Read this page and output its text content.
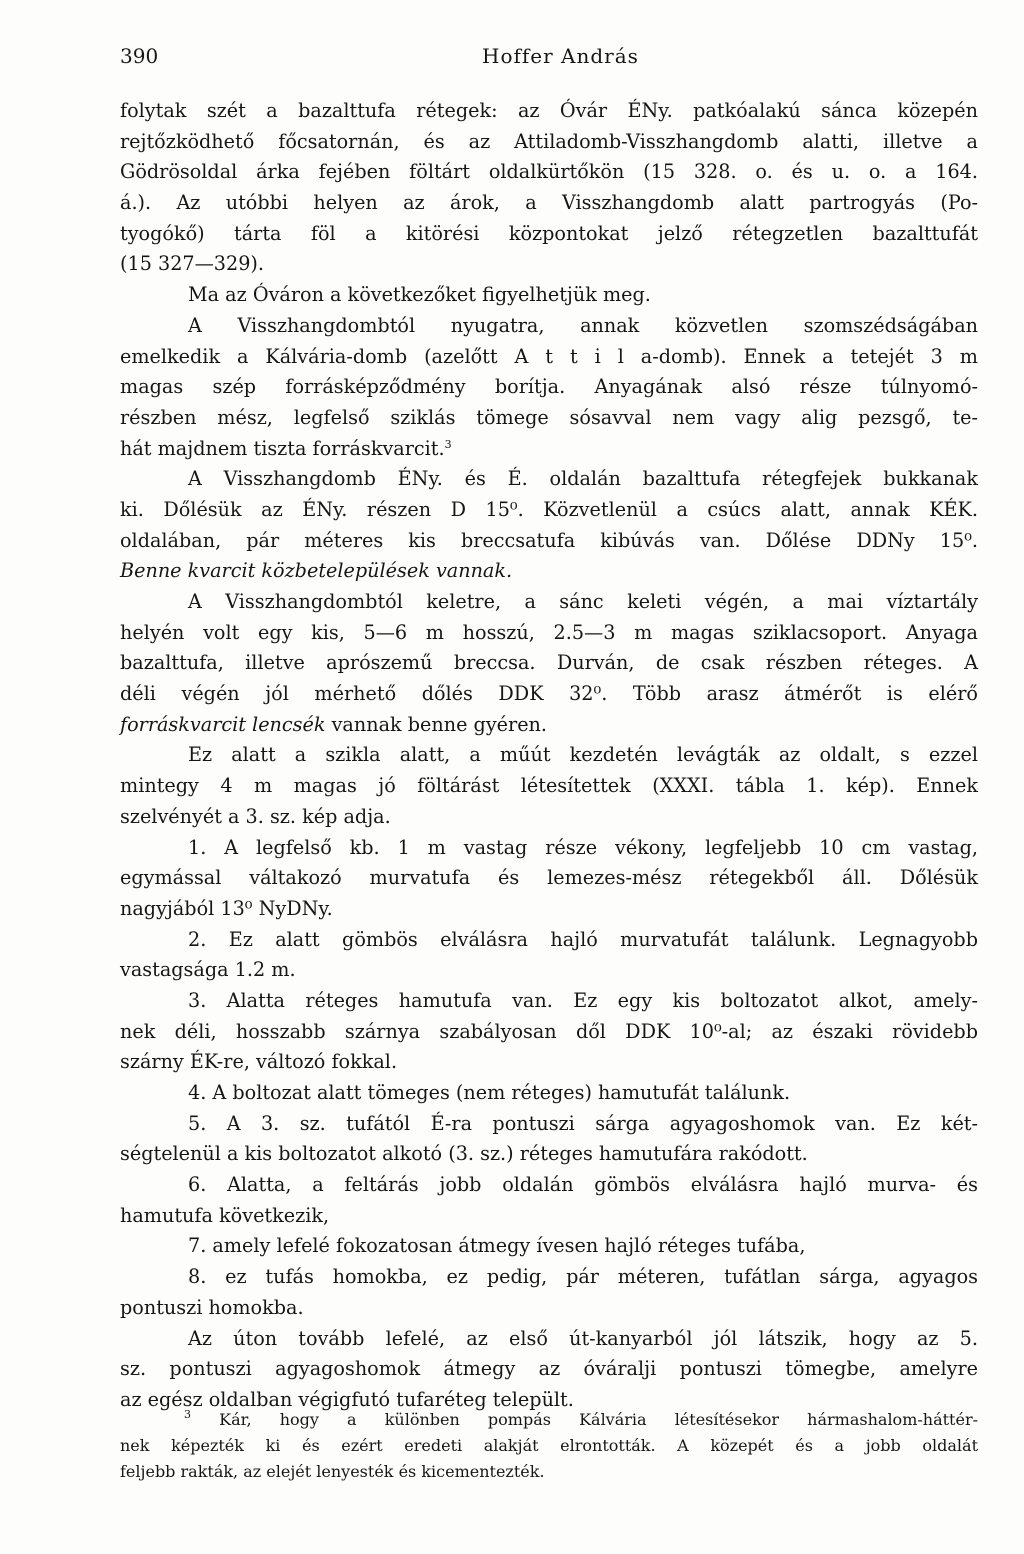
390	Hoffer András
folytak szét a bazalttufa rétegek: az Óvár ÉNy. patkóalakú sánca közepén
rejtőzködhető főcsatornán, és az Attiladomb-Visszhangdomb alatti, illetve a
Gödrösoldal árka fejében föltárt oldalkürtőkön (15 328. o. és u. o. a 164.
á.). Az utóbbi helyen az árok, a Visszhangdomb alatt partrogyás (Po-
tyogókő) tárta föl a kitörési központokat jelző rétegzetlen bazalttufát
(15 327—329).
Ma az Óváron a következőket figyelhetjük meg.
A Visszhangdombtól nyugatra, annak közvetlen szomszédságában
emelkedik a Kálvária-domb (azelőtt A t t i l a-domb). Ennek a tetejét 3 m
magas szép forrásképződmény borítja. Anyagának alsó része túlnyomó-
részben mész, legfelső sziklás tömege sósavval nem vagy alig pezsgő, te-
hát majdnem tiszta forráskvarcit.$^3$
A Visszhangdomb ÉNy. és É. oldalán bazalttufa rétegfejek bukkanak
ki. Dőlésük az ÉNy. részen D 15⁰. Közvetlenül a csúcs alatt, annak KÉK.
oldalában, pár méteres kis breccsatufa kibúvás van. Dőlése DDNy 15⁰.
Benne kvarcit közbetelepülések vannak.
A Visszhangdombtól keletre, a sánc keleti végén, a mai víztartály
helyén volt egy kis, 5—6 m hosszú, 2.5—3 m magas sziklacsoport. Anyaga
bazalttufa, illetve aprószemű breccsa. Durván, de csak részben réteges. A
déli végén jól mérhető dőlés DDK 32⁰. Több arasz átmérőt is elérő
forráskvarcit lencsék vannak benne gyéren.
Ez alatt a szikla alatt, a műút kezdetén levágták az oldalt, s ezzel
mintegy 4 m magas jó föltárást létesítettek (XXXI. tábla 1. kép). Ennek
szelvényét a 3. sz. kép adja.
1. A legfelső kb. 1 m vastag része vékony, legfeljebb 10 cm vastag,
egymással váltakozó murvatufa és lemezes-mész rétegekből áll. Dőlésük
nagyjából 13⁰ NyDNy.
2. Ez alatt gömbös elválásra hajló murvatufát találunk. Legnagyobb
vastagsága 1.2 m.
3. Alatta réteges hamutufa van. Ez egy kis boltozatot alkot, amely-
nek déli, hosszabb szárnya szabályosan dől DDK 10⁰-al; az északi rövidebb
szárny ÉK-re, változó fokkal.
4. A boltozat alatt tömeges (nem réteges) hamutufát találunk.
5. A 3. sz. tufától É-ra pontuszi sárga agyagoshomok van. Ez két-
ségtelenül a kis boltozatot alkotó (3. sz.) réteges hamutufára rakódott.
6. Alatta, a feltárás jobb oldalán gömbös elválásra hajló murva- és
hamutufa következik,
7. amely lefelé fokozatosan átmegy ívesen hajló réteges tufába,
8. ez tufás homokba, ez pedig, pár méteren, tufátlan sárga, agyagos
pontuszi homokba.
Az úton tovább lefelé, az első út-kanyarból jól látszik, hogy az 5.
sz. pontuszi agyagoshomok átmegy az óváralji pontuszi tömegbe, amelyre
az egész oldalban végigfutó tufaréteg települt.
$^3$ Kár, hogy a különben pompás Kálvária létesítésekor hármashalom-háttér-
nek képezték ki és ezért eredeti alakját elrontották. A közepét és a jobb oldalát
feljebb rakták, az elejét lenyesték és kicementezték.
